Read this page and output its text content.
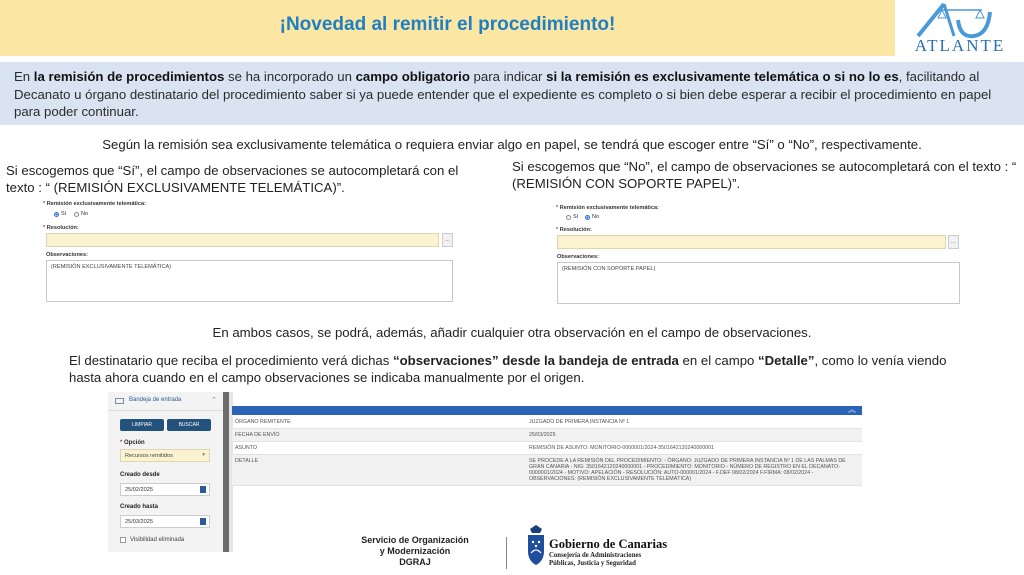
¡Novedad al remitir el procedimiento!
ATLANTE
En la remisión de procedimientos se ha incorporado un campo obligatorio para indicar si la remisión es exclusivamente telemática o si no lo es, facilitando al Decanato u órgano destinatario del procedimiento saber si ya puede entender que el expediente es completo o si bien debe esperar a recibir el procedimiento en papel para poder continuar.
Según la remisión sea exclusivamente telemática o requiera enviar algo en papel, se tendrá que escoger entre “Sí” o “No”, respectivamente.
Si escogemos que “Sí”, el campo de observaciones se autocompletará con el texto : “ (REMISIÓN EXCLUSIVAMENTE TELEMÁTICA)”.
Si escogemos que “No”, el campo de observaciones se autocompletará con el texto : “ (REMISIÓN CON SOPORTE PAPEL)”.
* Remisión exclusivamente telemática:
Sí	No
* Resolución:
...
Observaciones:
(REMISIÓN EXCLUSIVAMENTE TELEMÁTICA)
* Remisión exclusivamente telemática:
Sí No
* Resolución:
...
Observaciones:
(REMISIÓN CON SOPORTE PAPEL)
En ambos casos, se podrá, además, añadir cualquier otra observación en el campo de observaciones.
El destinatario que reciba el procedimiento verá dichas “observaciones” desde la bandeja de entrada en el campo “Detalle”, como lo venía viendo hasta ahora cuando en el campo observaciones se indicaba manualmente por el origen.
Bandeja de entrada	⌃
LIMPIAR	BUSCAR
* Opción
Recursos remitidos	▾
Creado desde
25/02/2025
Creado hasta
25/03/2025
Visibilidad eliminada
︽
ÓRGANO REMITENTE	JUZGADO DE PRIMERA INSTANCIA Nº 1
FECHA DE ENVÍO	25/03/2025
ASUNTO	REMISIÓN DE ASUNTO: MONITORIO-0000001/2024-3501642120240000001
DETALLE	SE PROCEDE A LA REMISIÓN DEL PROCEDIMIENTO: - ÓRGANO: JUZGADO DE PRIMERA INSTANCIA Nº 1 DE LAS PALMAS DE GRAN CANARIA - NIG: 3501642120240000001 - PROCEDIMIENTO: MONITORIO - NÚMERO DE REGISTRO EN EL DECANATO-0000001/2024 - MOTIVO: APELACIÓN - RESOLUCIÓN: AUTO-000001/2024 - F.DEF 08/02/2024 F.FIRMA: 08/02/2024 - OBSERVACIONES: (REMISIÓN EXCLUSIVAMENTE TELEMÁTICA)
Servicio de Organización
y Modernización
DGRAJ
Gobierno de Canarias
Consejería de Administraciones
Públicas, Justicia y Seguridad
